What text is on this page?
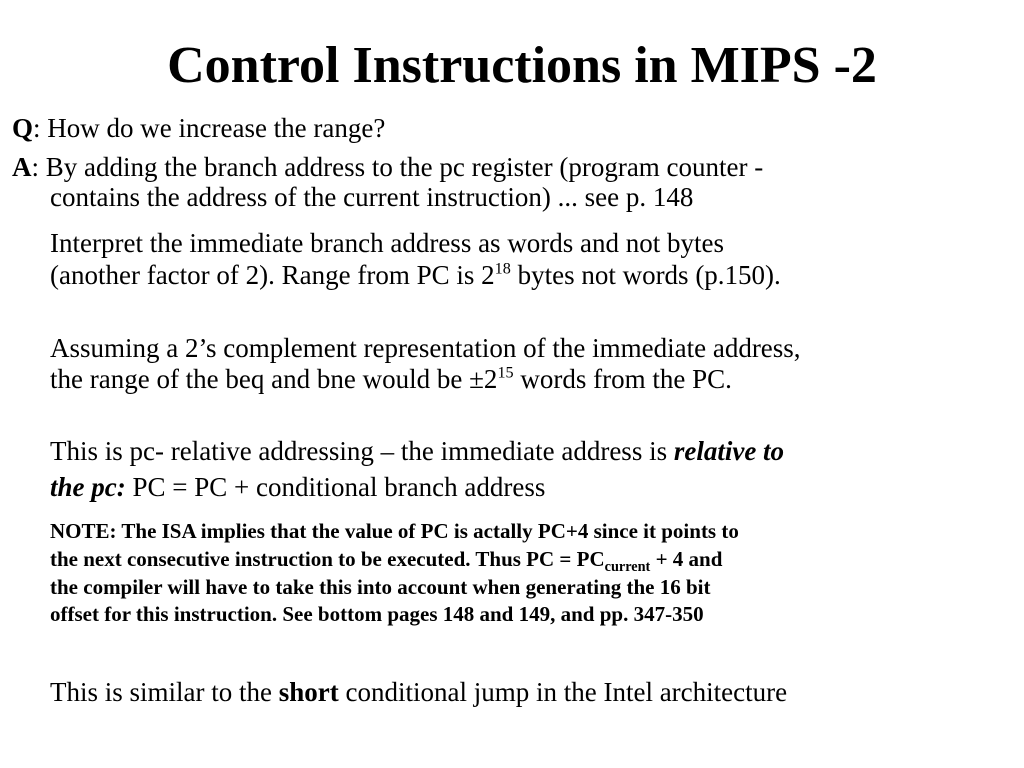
Control Instructions in MIPS -2

Q: How do we increase the range?

A: By adding the branch address to the pc register (program counter -

contains the address of the current instruction) ... see p. 148

Interpret the immediate branch address as words and not bytes

(another factor of 2). Range from PC is $2^{18}$ bytes not words (p.150).

Assuming a 2’s complement representation of the immediate address,

the range of the beq and bne would be $\pm 2^{15}$ words from the PC.

This is pc- relative addressing – the immediate address is relative to

the pc: PC = PC + conditional branch address

NOTE: The ISA implies that the value of PC is actally PC+4 since it points to

the next consecutive instruction to be executed. Thus PC = $PC_{current} + 4$ and

the compiler will have to take this into account when generating the 16 bit

offset for this instruction. See bottom pages 148 and 149, and pp. 347-350

This is similar to the short conditional jump in the Intel architecture
